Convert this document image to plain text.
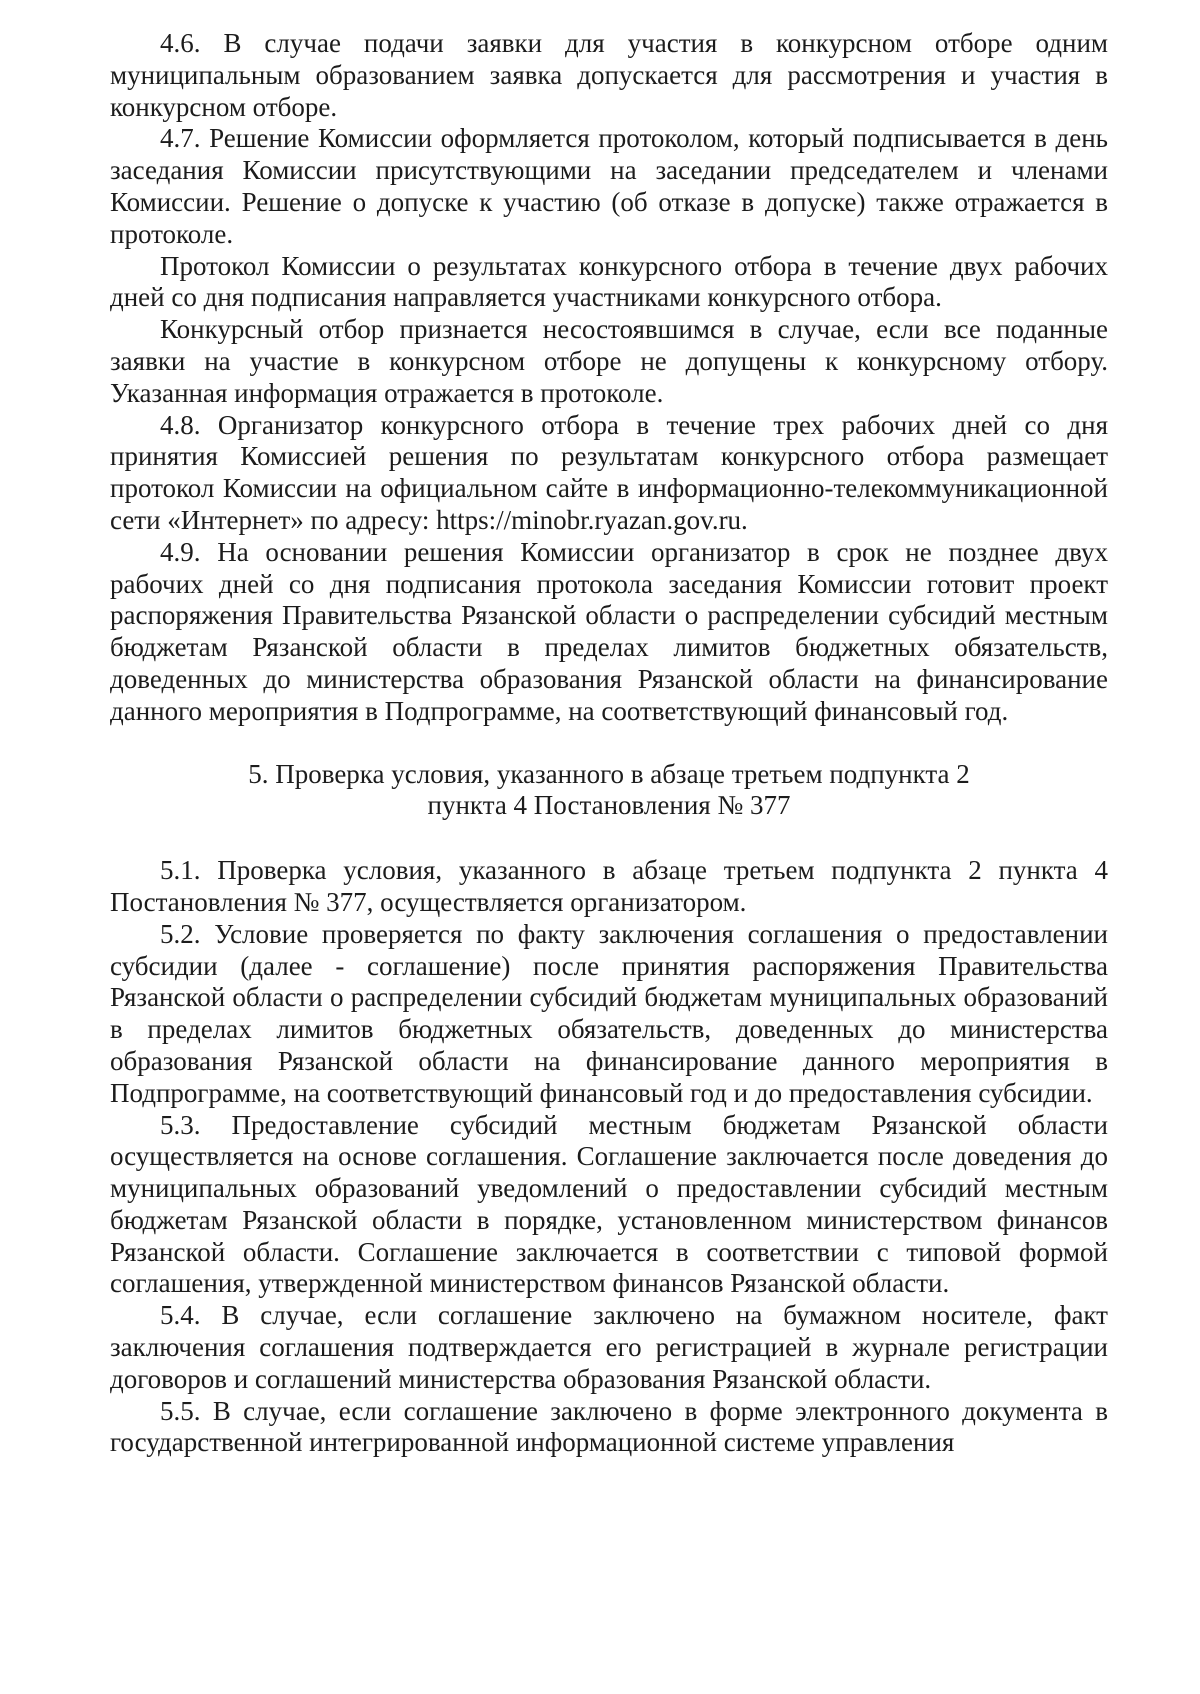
4.6. В случае подачи заявки для участия в конкурсном отборе одним муниципальным образованием заявка допускается для рассмотрения и участия в конкурсном отборе.

4.7. Решение Комиссии оформляется протоколом, который подписывается в день заседания Комиссии присутствующими на заседании председателем и членами Комиссии. Решение о допуске к участию (об отказе в допуске) также отражается в протоколе.

Протокол Комиссии о результатах конкурсного отбора в течение двух рабочих дней со дня подписания направляется участниками конкурсного отбора.

Конкурсный отбор признается несостоявшимся в случае, если все поданные заявки на участие в конкурсном отборе не допущены к конкурсному отбору. Указанная информация отражается в протоколе.

4.8. Организатор конкурсного отбора в течение трех рабочих дней со дня принятия Комиссией решения по результатам конкурсного отбора размещает протокол Комиссии на официальном сайте в информационно-телекоммуникационной сети «Интернет» по адресу: https://minobr.ryazan.gov.ru.

4.9. На основании решения Комиссии организатор в срок не позднее двух рабочих дней со дня подписания протокола заседания Комиссии готовит проект распоряжения Правительства Рязанской области о распределении субсидий местным бюджетам Рязанской области в пределах лимитов бюджетных обязательств, доведенных до министерства образования Рязанской области на финансирование данного мероприятия в Подпрограмме, на соответствующий финансовый год.

5. Проверка условия, указанного в абзаце третьем подпункта 2

пункта 4 Постановления № 377

5.1. Проверка условия, указанного в абзаце третьем подпункта 2 пункта 4 Постановления № 377, осуществляется организатором.

5.2. Условие проверяется по факту заключения соглашения о предоставлении субсидии (далее - соглашение) после принятия распоряжения Правительства Рязанской области о распределении субсидий бюджетам муниципальных образований в пределах лимитов бюджетных обязательств, доведенных до министерства образования Рязанской области на финансирование данного мероприятия в Подпрограмме, на соответствующий финансовый год и до предоставления субсидии.

5.3. Предоставление субсидий местным бюджетам Рязанской области осуществляется на основе соглашения. Соглашение заключается после доведения до муниципальных образований уведомлений о предоставлении субсидий местным бюджетам Рязанской области в порядке, установленном министерством финансов Рязанской области. Соглашение заключается в соответствии с типовой формой соглашения, утвержденной министерством финансов Рязанской области.

5.4. В случае, если соглашение заключено на бумажном носителе, факт заключения соглашения подтверждается его регистрацией в журнале регистрации договоров и соглашений министерства образования Рязанской области.

5.5. В случае, если соглашение заключено в форме электронного документа в государственной интегрированной информационной системе управления
